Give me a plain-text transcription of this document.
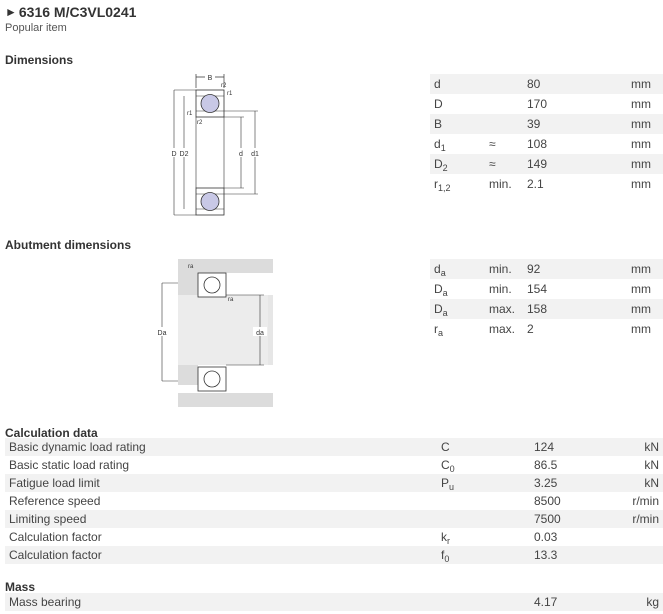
► 6316 M/C3VL0241
Popular item
Dimensions
B
r2
r1
r1
r2
D D2	d d1
d		80	mm
D		170	mm
B		39	mm
$d_1$	≈	108	mm
$D_2$	≈	149	mm
$r_{1,2}$	min.	2.1	mm
Abutment dimensions
Da	da
ra
ra
$d_a$	min.	92	mm
$D_a$	min.	154	mm
$D_a$	max.	158	mm
$r_a$	max.	2	mm
Calculation data
Basic dynamic load rating	C	124	kN
Basic static load rating	$C_0$	86.5	kN
Fatigue load limit	$P_u$	3.25	kN
Reference speed		8500	r/min
Limiting speed		7500	r/min
Calculation factor	$k_r$	0.03	
Calculation factor	$f_0$	13.3	
Mass
Mass bearing		4.17	kg
